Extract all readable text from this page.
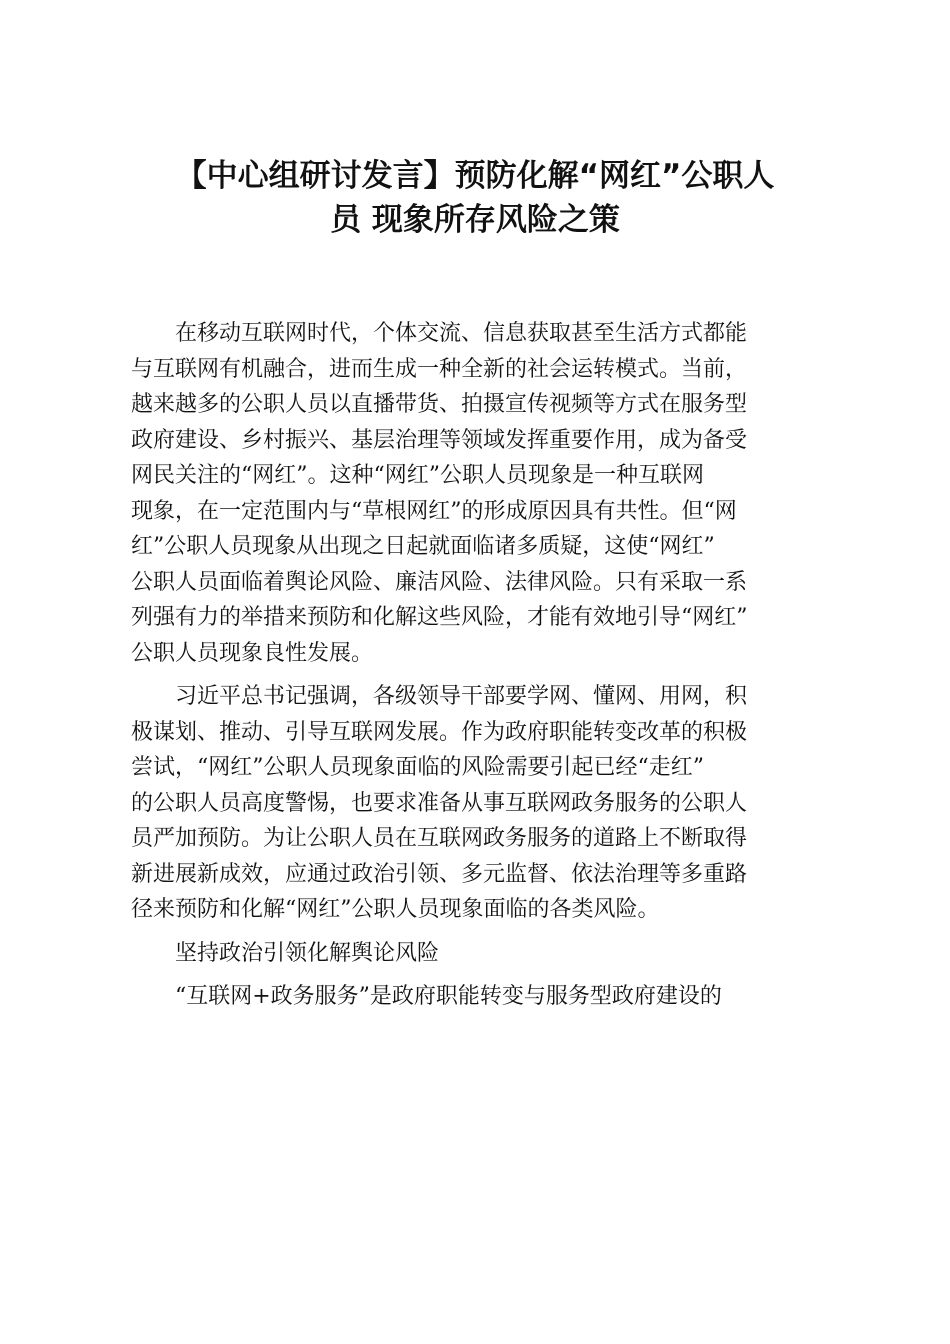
【中心组研讨发言】预防化解“网红”公职人
员 现象所存风险之策
在移动互联网时代，个体交流、信息获取甚至生活方式都能
与互联网有机融合，进而生成一种全新的社会运转模式。当前，
越来越多的公职人员以直播带货、拍摄宣传视频等方式在服务型
政府建设、乡村振兴、基层治理等领域发挥重要作用，成为备受
网民关注的“网红”。这种“网红”公职人员现象是一种互联网
现象，在一定范围内与“草根网红”的形成原因具有共性。但“网
红”公职人员现象从出现之日起就面临诸多质疑，这使“网红”
公职人员面临着舆论风险、廉洁风险、法律风险。只有采取一系
列强有力的举措来预防和化解这些风险，才能有效地引导“网红”
公职人员现象良性发展。
习近平总书记强调，各级领导干部要学网、懂网、用网，积
极谋划、推动、引导互联网发展。作为政府职能转变改革的积极
尝试，“网红”公职人员现象面临的风险需要引起已经“走红”
的公职人员高度警惕，也要求准备从事互联网政务服务的公职人
员严加预防。为让公职人员在互联网政务服务的道路上不断取得
新进展新成效，应通过政治引领、多元监督、依法治理等多重路
径来预防和化解“网红”公职人员现象面临的各类风险。
坚持政治引领化解舆论风险
“互联网+政务服务”是政府职能转变与服务型政府建设的
